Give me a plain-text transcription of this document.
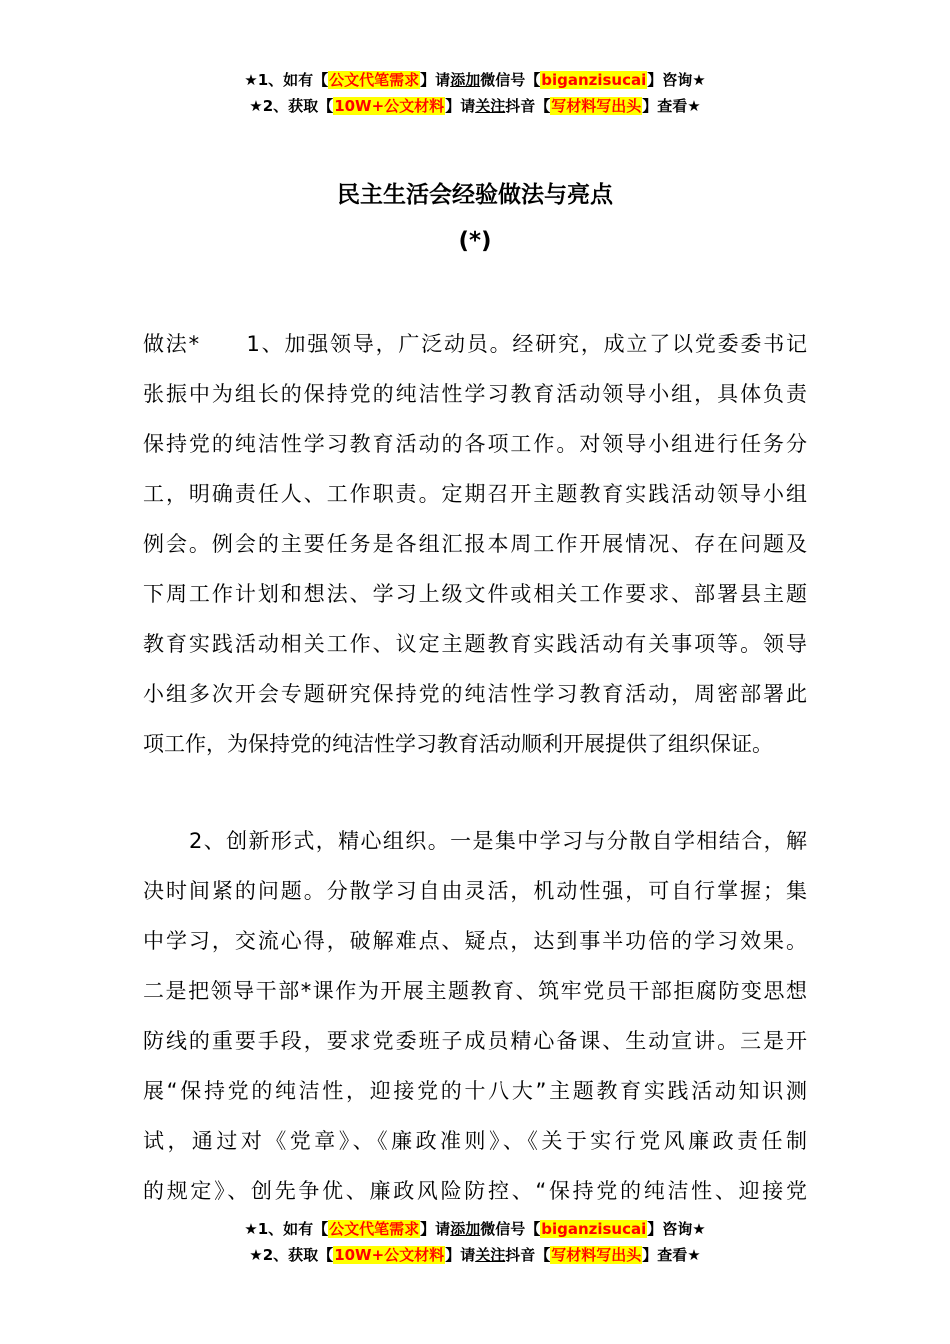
★1、如有【公文代笔需求】请添加微信号【biganzisucai】咨询★
★2、获取【10W+公文材料】请关注抖音【写材料写出头】查看★
民主生活会经验做法与亮点
(*)
做法*　　1、加强领导，广泛动员。经研究，成立了以党委委书记
张振中为组长的保持党的纯洁性学习教育活动领导小组，具体负责
保持党的纯洁性学习教育活动的各项工作。对领导小组进行任务分
工，明确责任人、工作职责。定期召开主题教育实践活动领导小组
例会。例会的主要任务是各组汇报本周工作开展情况、存在问题及
下周工作计划和想法、学习上级文件或相关工作要求、部署县主题
教育实践活动相关工作、议定主题教育实践活动有关事项等。领导
小组多次开会专题研究保持党的纯洁性学习教育活动，周密部署此
项工作，为保持党的纯洁性学习教育活动顺利开展提供了组织保证。
2、创新形式，精心组织。一是集中学习与分散自学相结合，解
决时间紧的问题。分散学习自由灵活，机动性强，可自行掌握；集
中学习，交流心得，破解难点、疑点，达到事半功倍的学习效果。
二是把领导干部*课作为开展主题教育、筑牢党员干部拒腐防变思想
防线的重要手段，要求党委班子成员精心备课、生动宣讲。三是开
展“保持党的纯洁性，迎接党的十八大”主题教育实践活动知识测
试，通过对《党章》、《廉政准则》、《关于实行党风廉政责任制
的规定》、创先争优、廉政风险防控、“保持党的纯洁性、迎接党
★1、如有【公文代笔需求】请添加微信号【biganzisucai】咨询★
★2、获取【10W+公文材料】请关注抖音【写材料写出头】查看★
